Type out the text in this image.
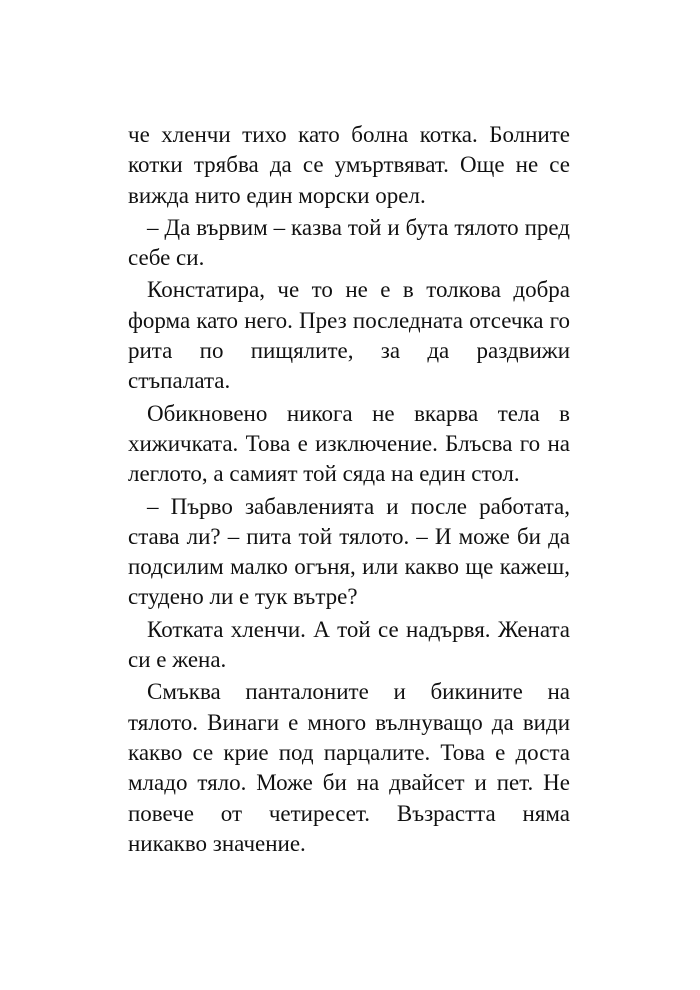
че хленчи тихо като болна котка. Болните котки трябва да се умъртвяват. Още не се вижда нито един морски орел.

– Да вървим – казва той и бута тялото пред себе си.

Констатира, че то не е в толкова добра форма като него. През последната отсечка го рита по пищялите, за да раздвижи стъпалата.

Обикновено никога не вкарва тела в хижичката. Това е изключение. Блъсва го на леглото, а самият той сяда на един стол.

– Първо забавленията и после работата, става ли? – пита той тялото. – И може би да подсилим малко огъня, или какво ще кажеш, студено ли е тук вътре?

Котката хленчи. А той се надървя. Жената си е жена.

Смъква панталоните и бикините на тялото. Винаги е много вълнуващо да види какво се крие под парцалите. Това е доста младо тяло. Може би на двайсет и пет. Не повече от четиресет. Възрастта няма никакво значение.
